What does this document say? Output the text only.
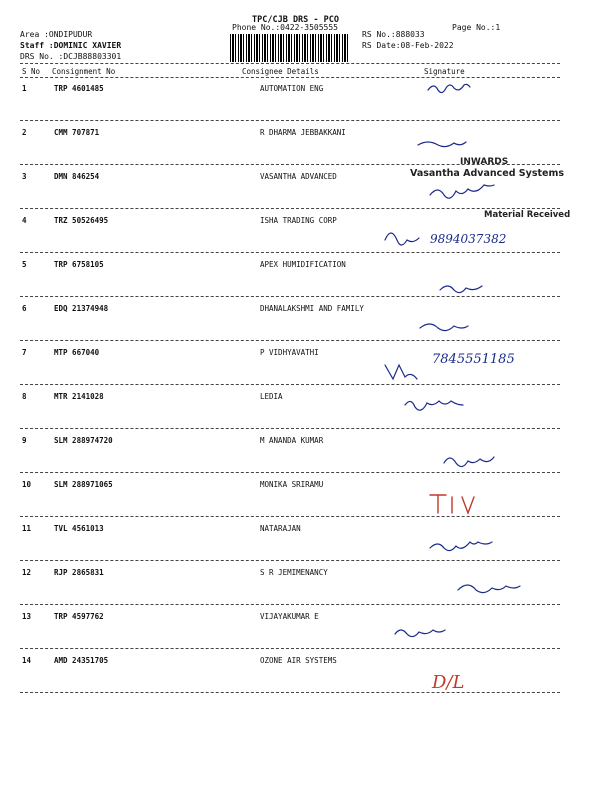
TPC/CJB DRS - PCO
Phone No.:0422-3505555	Page No.:1
Area :ONDIPUDUR
Staff :DOMINIC XAVIER
DRS No. :DCJB88803301
RS No.:888033
RS Date:08-Feb-2022
S No Consignment No	Consignee Details	Signature
1	TRP 4601485	AUTOMATION ENG
2	CMM 707871	R DHARMA JEBBAKKANI
3	DMN 846254	VASANTHA ADVANCED
4	TRZ 50526495	ISHA TRADING CORP
5	TRP 6758105	APEX HUMIDIFICATION
6	EDQ 21374948	DHANALAKSHMI AND FAMILY
7	MTP 667040	P VIDHYAVATHI
8	MTR 2141028	LEDIA
9	SLM 288974720	M ANANDA KUMAR
10	SLM 288971065	MONIKA SRIRAMU
11	TVL 4561013	NATARAJAN
12	RJP 2865831	S R JEMIMENANCY
13	TRP 4597762	VIJAYAKUMAR E
14	AMD 24351705	OZONE AIR SYSTEMS
INWARDS
Vasantha Advanced Systems
Material Received
9894037382
7845551185
D/L
